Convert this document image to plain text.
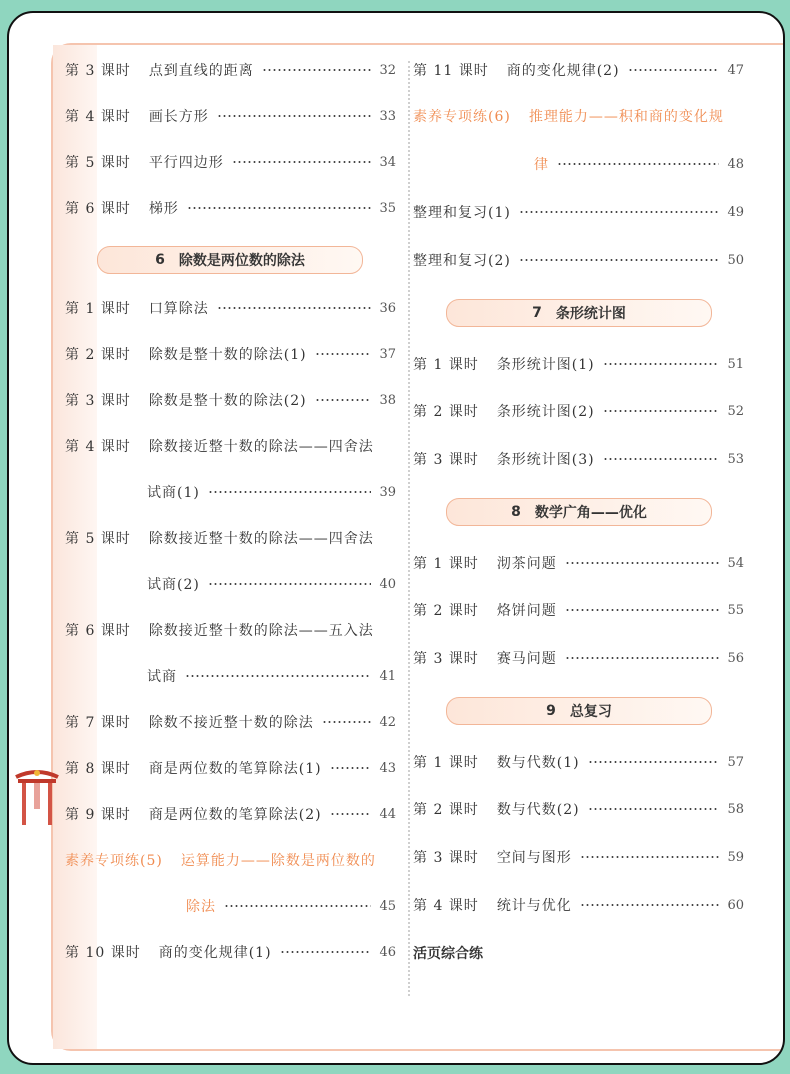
第 3 课时 点到直线的距离	32
第 4 课时 画长方形	33
第 5 课时 平行四边形	34
第 6 课时 梯形	35
6 除数是两位数的除法
第 1 课时 口算除法	36
第 2 课时 除数是整十数的除法(1)	37
第 3 课时 除数是整十数的除法(2)	38
第 4 课时 除数接近整十数的除法——四舍法
试商(1)	39
第 5 课时 除数接近整十数的除法——四舍法
试商(2)	40
第 6 课时 除数接近整十数的除法——五入法
试商	41
第 7 课时 除数不接近整十数的除法	42
第 8 课时 商是两位数的笔算除法(1)	43
第 9 课时 商是两位数的笔算除法(2)	44
素养专项练(5) 运算能力——除数是两位数的
除法	45
第 10 课时 商的变化规律(1)	46
第 11 课时 商的变化规律(2)	47
素养专项练(6) 推理能力——积和商的变化规
律	48
整理和复习(1)	49
整理和复习(2)	50
7 条形统计图
第 1 课时 条形统计图(1)	51
第 2 课时 条形统计图(2)	52
第 3 课时 条形统计图(3)	53
8 数学广角——优化
第 1 课时 沏茶问题	54
第 2 课时 烙饼问题	55
第 3 课时 赛马问题	56
9 总复习
第 1 课时 数与代数(1)	57
第 2 课时 数与代数(2)	58
第 3 课时 空间与图形	59
第 4 课时 统计与优化	60
活页综合练
